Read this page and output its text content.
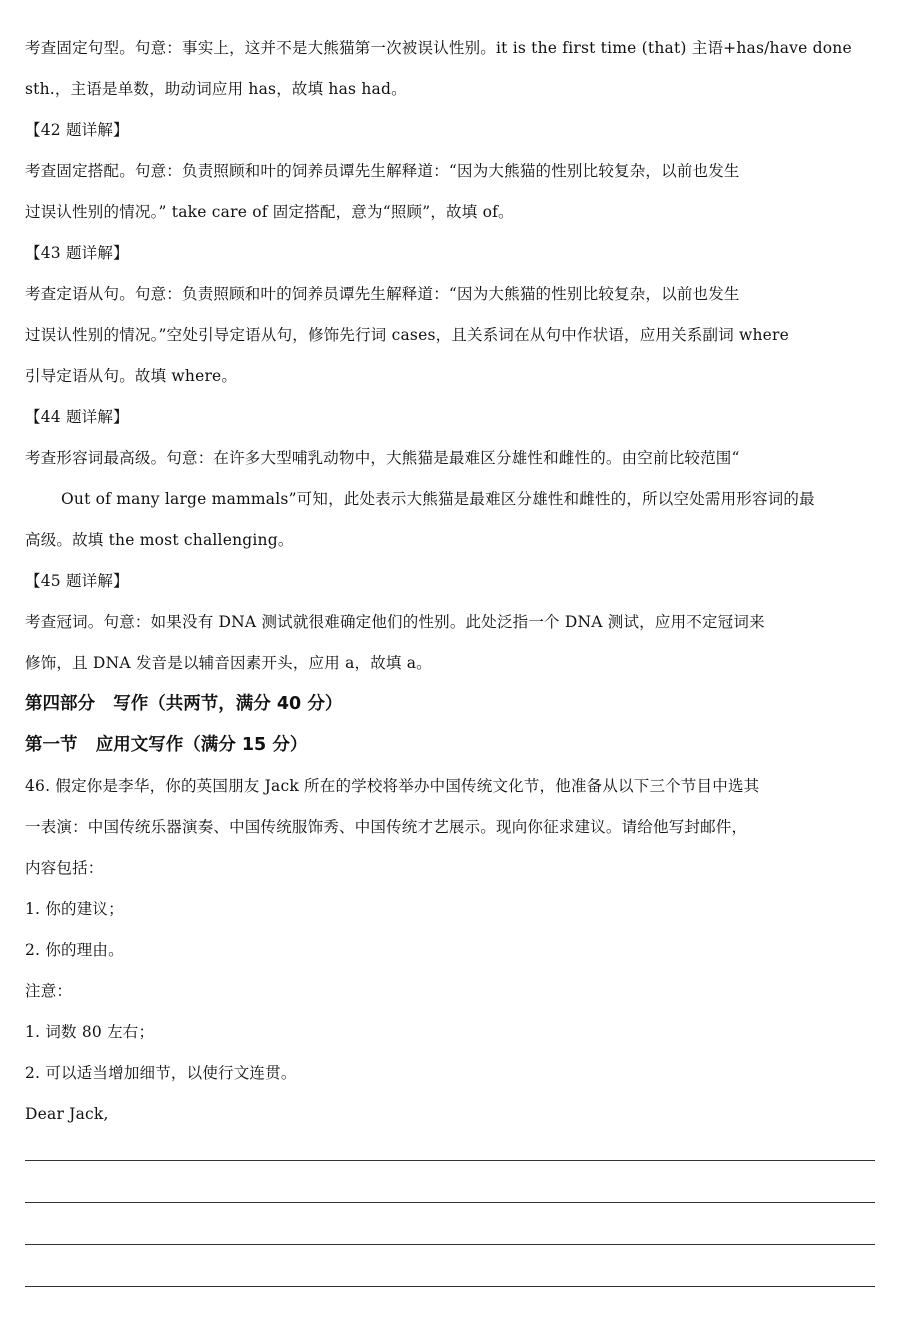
考查固定句型。句意：事实上，这并不是大熊猫第一次被误认性别。it is the first time (that) 主语+has/have done
sth.，主语是单数，助动词应用 has，故填 has had。
【42 题详解】
考查固定搭配。句意：负责照顾和叶的饲养员谭先生解释道：“因为大熊猫的性别比较复杂，以前也发生
过误认性别的情况。” take care of 固定搭配，意为“照顾”，故填 of。
【43 题详解】
考查定语从句。句意：负责照顾和叶的饲养员谭先生解释道：“因为大熊猫的性别比较复杂，以前也发生
过误认性别的情况。”空处引导定语从句，修饰先行词 cases，且关系词在从句中作状语，应用关系副词 where
引导定语从句。故填 where。
【44 题详解】
考查形容词最高级。句意：在许多大型哺乳动物中，大熊猫是最难区分雄性和雌性的。由空前比较范围“
Out of many large mammals”可知，此处表示大熊猫是最难区分雄性和雌性的，所以空处需用形容词的最
高级。故填 the most challenging。
【45 题详解】
考查冠词。句意：如果没有 DNA 测试就很难确定他们的性别。此处泛指一个 DNA 测试，应用不定冠词来
修饰，且 DNA 发音是以辅音因素开头，应用 a，故填 a。
第四部分   写作（共两节，满分 40 分）
第一节   应用文写作（满分 15 分）
46. 假定你是李华，你的英国朋友 Jack 所在的学校将举办中国传统文化节，他准备从以下三个节目中选其
一表演：中国传统乐器演奏、中国传统服饰秀、中国传统才艺展示。现向你征求建议。请给他写封邮件，
内容包括：
1. 你的建议；
2. 你的理由。
注意：
1. 词数 80 左右；
2. 可以适当增加细节，以使行文连贯。
Dear Jack,
